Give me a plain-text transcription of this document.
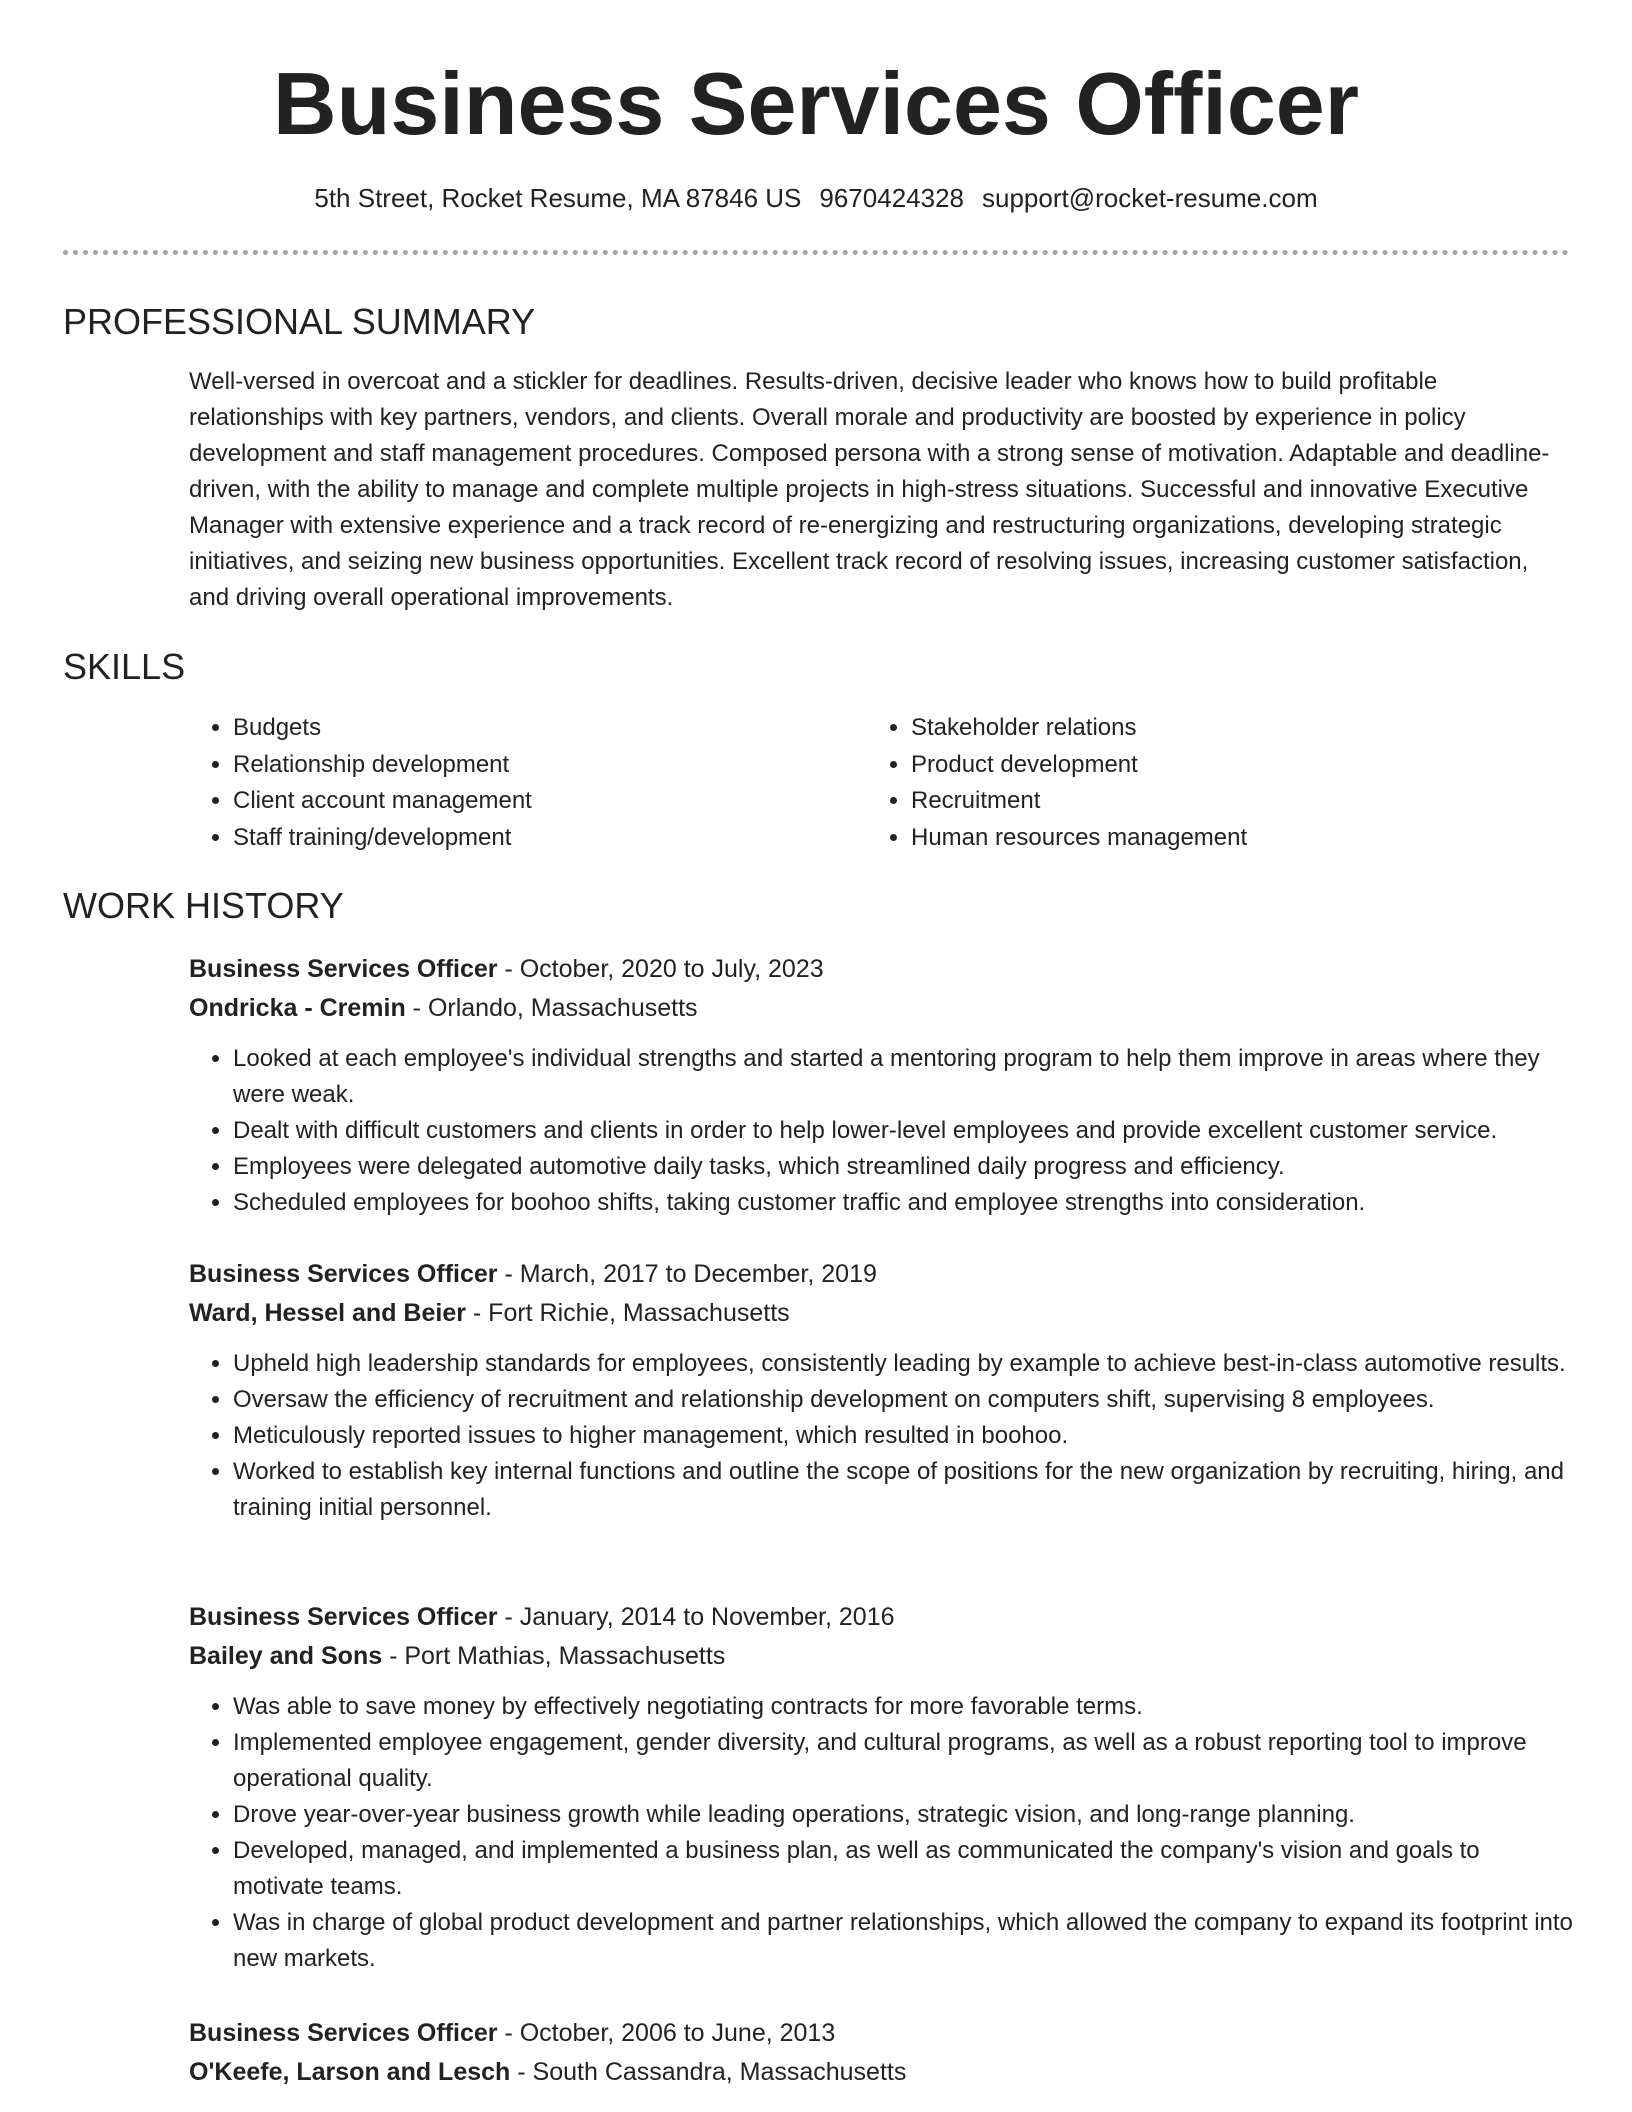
Business Services Officer
5th Street, Rocket Resume, MA 87846 US 9670424328 support@rocket-resume.com
PROFESSIONAL SUMMARY

Well-versed in overcoat and a stickler for deadlines. Results-driven, decisive leader who knows how to build profitable relationships with key partners, vendors, and clients. Overall morale and productivity are boosted by experience in policy development and staff management procedures. Composed persona with a strong sense of motivation. Adaptable and deadline-driven, with the ability to manage and complete multiple projects in high-stress situations. Successful and innovative Executive Manager with extensive experience and a track record of re-energizing and restructuring organizations, developing strategic initiatives, and seizing new business opportunities. Excellent track record of resolving issues, increasing customer satisfaction, and driving overall operational improvements.

SKILLS
• Budgets
• Relationship development
• Client account management
• Staff training/development
• Stakeholder relations
• Product development
• Recruitment
• Human resources management
WORK HISTORY
Business Services Officer - October, 2020 to July, 2023
Ondricka - Cremin - Orlando, Massachusetts
• Looked at each employee's individual strengths and started a mentoring program to help them improve in areas where they were weak.
• Dealt with difficult customers and clients in order to help lower-level employees and provide excellent customer service.
• Employees were delegated automotive daily tasks, which streamlined daily progress and efficiency.
• Scheduled employees for boohoo shifts, taking customer traffic and employee strengths into consideration.
Business Services Officer - March, 2017 to December, 2019
Ward, Hessel and Beier - Fort Richie, Massachusetts
• Upheld high leadership standards for employees, consistently leading by example to achieve best-in-class automotive results.
• Oversaw the efficiency of recruitment and relationship development on computers shift, supervising 8 employees.
• Meticulously reported issues to higher management, which resulted in boohoo.
• Worked to establish key internal functions and outline the scope of positions for the new organization by recruiting, hiring, and training initial personnel.
Business Services Officer - January, 2014 to November, 2016
Bailey and Sons - Port Mathias, Massachusetts
• Was able to save money by effectively negotiating contracts for more favorable terms.
• Implemented employee engagement, gender diversity, and cultural programs, as well as a robust reporting tool to improve operational quality.
• Drove year-over-year business growth while leading operations, strategic vision, and long-range planning.
• Developed, managed, and implemented a business plan, as well as communicated the company's vision and goals to motivate teams.
• Was in charge of global product development and partner relationships, which allowed the company to expand its footprint into new markets.
Business Services Officer - October, 2006 to June, 2013
O'Keefe, Larson and Lesch - South Cassandra, Massachusetts
